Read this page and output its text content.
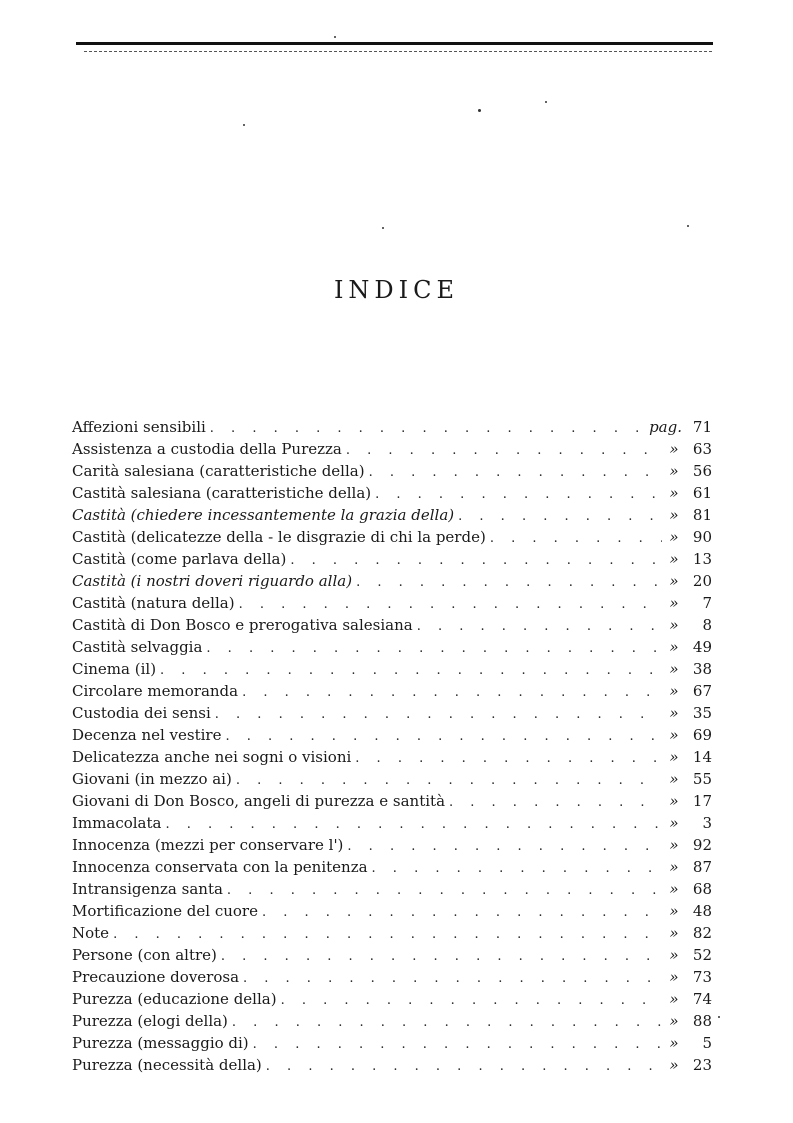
INDICE
Affezioni sensibili . . .	pag. 71
Assistenza a custodia della Purezza . . .	» 63
Carità salesiana (caratteristiche della) . . .	» 56
Castità salesiana (caratteristiche della) . . .	» 61
Castità (chiedere incessantemente la grazia della) . . .	» 81
Castità (delicatezze della - le disgrazie di chi la perde) . . .	» 90
Castità (come parlava della) . . .	» 13
Castità (i nostri doveri riguardo alla) . . .	» 20
Castità (natura della) . . .	»	7
Castità di Don Bosco e prerogativa salesiana . . .	»	8
Castità selvaggia . . .	» 49
Cinema (il) . . .	» 38
Circolare memoranda . . .	» 67
Custodia dei sensi . . .	» 35
Decenza nel vestire . . .	» 69
Delicatezza anche nei sogni o visioni . . .	» 14
Giovani (in mezzo ai) . . .	» 55
Giovani di Don Bosco, angeli di purezza e santità . . .	» 17
Immacolata . . .	»	3
Innocenza (mezzi per conservare l') . . .	» 92
Innocenza conservata con la penitenza . . .	» 87
Intransigenza santa . . .	» 68
Mortificazione del cuore . . .	» 48
Note . . .	» 82
Persone (con altre) . . .	» 52
Precauzione doverosa . . .	» 73
Purezza (educazione della) . . .	» 74
Purezza (elogi della) . . .	» 88
Purezza (messaggio di) . . .	»	5
Purezza (necessità della) . . .	» 23
